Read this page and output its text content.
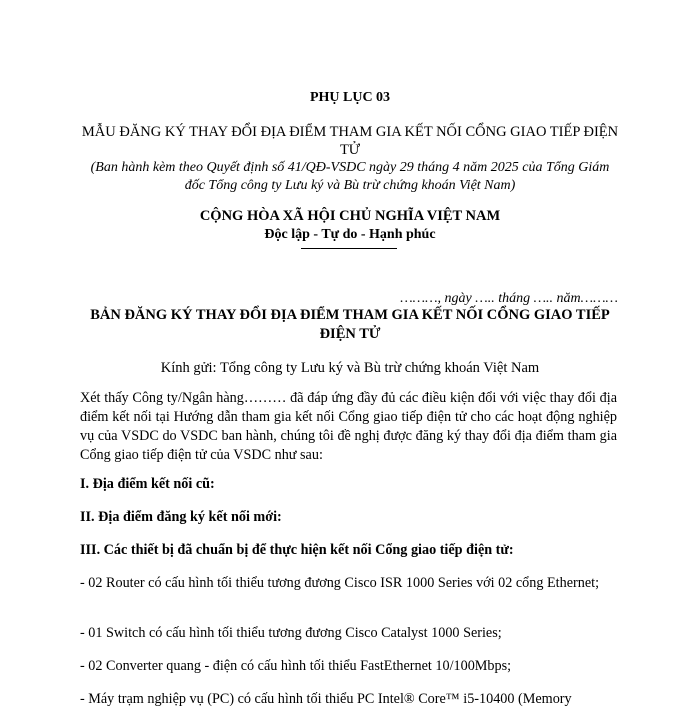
PHỤ LỤC 03

MẪU ĐĂNG KÝ THAY ĐỔI ĐỊA ĐIỂM THAM GIA KẾT NỐI CỔNG GIAO TIẾP ĐIỆN TỬ

(Ban hành kèm theo Quyết định số 41/QĐ-VSDC ngày 29 tháng 4 năm 2025 của Tổng Giám đốc Tổng công ty Lưu ký và Bù trừ chứng khoán Việt Nam)

CỘNG HÒA XÃ HỘI CHỦ NGHĨA VIỆT NAM

Độc lập - Tự do - Hạnh phúc

………, ngày ….. tháng ….. năm………

BẢN ĐĂNG KÝ THAY ĐỔI ĐỊA ĐIỂM THAM GIA KẾT NỐI CỔNG GIAO TIẾP ĐIỆN TỬ

Kính gửi: Tổng công ty Lưu ký và Bù trừ chứng khoán Việt Nam

Xét thấy Công ty/Ngân hàng……… đã đáp ứng đầy đủ các điều kiện đổi với việc thay đổi địa điểm kết nối tại Hướng dẫn tham gia kết nối Cổng giao tiếp điện tử cho các hoạt động nghiệp vụ của VSDC do VSDC ban hành, chúng tôi đề nghị được đăng ký thay đổi địa điểm tham gia Cổng giao tiếp điện tử của VSDC như sau:

I. Địa điểm kết nối cũ:

II. Địa điểm đăng ký kết nối mới:

III. Các thiết bị đã chuẩn bị để thực hiện kết nối Cổng giao tiếp điện tử:

- 02 Router có cấu hình tối thiểu tương đương Cisco ISR 1000 Series với 02 cổng Ethernet;

- 01 Switch có cấu hình tối thiểu tương đương Cisco Catalyst 1000 Series;

- 02 Converter quang - điện có cấu hình tối thiểu FastEthernet 10/100Mbps;

- Máy trạm nghiệp vụ (PC) có cấu hình tối thiểu PC Intel® Core™ i5-10400 (Memory
